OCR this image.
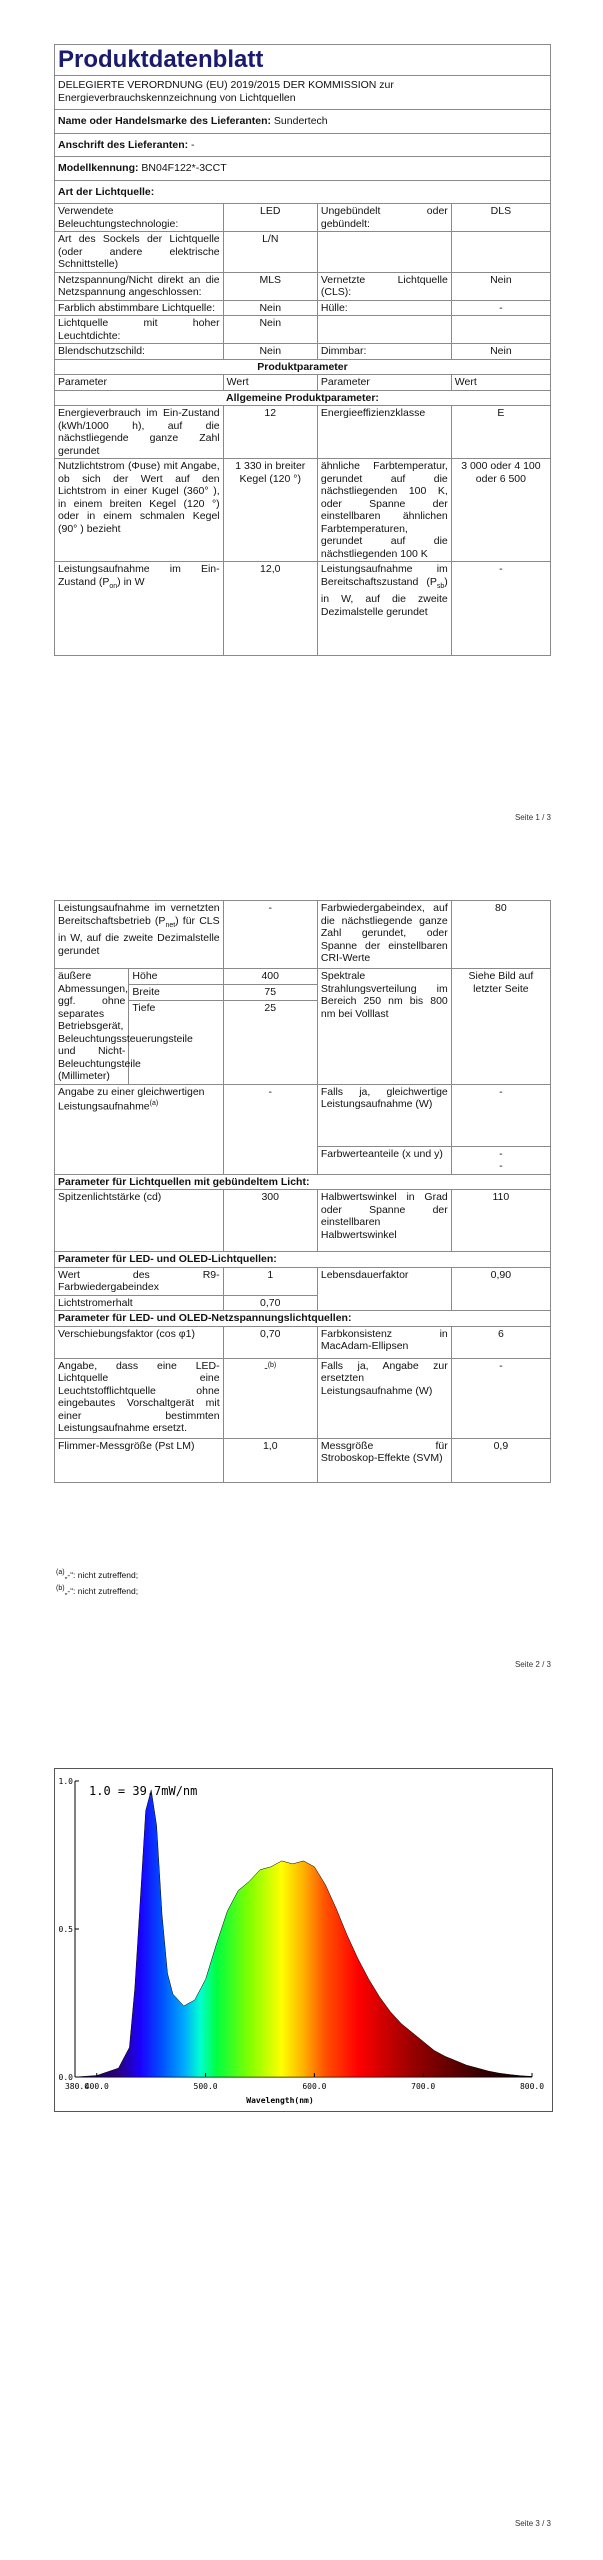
Produktdatenblatt			
DELEGIERTE VERORDNUNG (EU) 2019/2015 DER KOMMISSION zur Energieverbrauchskennzeichnung von Lichtquellen			
Name oder Handelsmarke des Lieferanten: Sundertech			
Anschrift des Lieferanten: -			
Modellkennung: BN04F122*-3CCT			
Art der Lichtquelle:			
Verwendete Beleuchtungstechnologie:	LED	Ungebündelt oder gebündelt:	DLS
Art des Sockels der Lichtquelle (oder andere elektrische Schnittstelle)	L/N		
Netzspannung/Nicht direkt an die Netzspannung angeschlossen:	MLS	Vernetzte Lichtquelle (CLS):	Nein
Farblich abstimmbare Lichtquelle:	Nein	Hülle:	-
Lichtquelle mit hoher Leuchtdichte:	Nein		
Blendschutzschild:	Nein	Dimmbar:	Nein
Produktparameter			
Parameter	Wert	Parameter	Wert
Allgemeine Produktparameter:			
Energieverbrauch im Ein-Zustand (kWh/1000 h), auf die nächstliegende ganze Zahl gerundet	12	Energieeffizienzklasse	E
Nutzlichtstrom (Φuse) mit Angabe, ob sich der Wert auf den Lichtstrom in einer Kugel (360° ), in einem breiten Kegel (120 °) oder in einem schmalen Kegel (90° ) bezieht	1 330 in breiter Kegel (120 °)	ähnliche Farbtemperatur, gerundet auf die nächstliegenden 100 K, oder Spanne der einstellbaren ähnlichen Farbtemperaturen, gerundet auf die nächstliegenden 100 K	3 000 oder 4 100 oder 6 500
Leistungsaufnahme im Ein-Zustand $(P_{on})$ in W	12,0	Leistungsaufnahme im Bereitschaftszustand $(P_{sb})$ in W, auf die zweite Dezimalstelle gerundet	-
Seite 1 / 3
Leistungsaufnahme im vernetzten Bereitschaftsbetrieb $(P_{net})$ für CLS in W, auf die zweite Dezimalstelle gerundet		-	Farbwiedergabeindex, auf die nächstliegende ganze Zahl gerundet, oder Spanne der einstellbaren CRI-Werte	80
äußere Abmessungen, ggf. ohne separates Betriebsgerät, Beleuchtungssteuerungsteile und Nicht-Beleuchtungsteile (Millimeter)	Höhe	400	Spektrale Strahlungsverteilung im Bereich 250 nm bis 800 nm bei Volllast	Siehe Bild auf letzter Seite
	Breite	75		
	Tiefe	25		
Angabe zu einer gleichwertigen Leistungsaufnahme$^{(a)}$		-	Falls ja, gleichwertige Leistungsaufnahme (W)	-
			Farbwerteanteile (x und y)	-
-

Parameter für Lichtquellen mit gebündeltem Licht:				
Spitzenlichtstärke (cd)		300	Halbwertswinkel in Grad oder Spanne der einstellbaren Halbwertswinkel	110
Parameter für LED- und OLED-Lichtquellen:				
Wert des R9-Farbwiedergabeindex		1	Lebensdauerfaktor	0,90
Lichtstromerhalt		0,70		
Parameter für LED- und OLED-Netzspannungslichtquellen:				
Verschiebungsfaktor (cos φ1)		0,70	Farbkonsistenz in MacAdam-Ellipsen	6
Angabe, dass eine LED-Lichtquelle eine Leuchtstofflichtquelle ohne eingebautes Vorschaltgerät mit einer bestimmten Leistungsaufnahme ersetzt.		-$^{(b)}$	Falls ja, Angabe zur ersetzten Leistungsaufnahme (W)	-
Flimmer-Messgröße (Pst LM)		1,0	Messgröße für Stroboskop-Effekte (SVM)	0,9
$^{(a)}$„-“: nicht zutreffend;
$^{(b)}$„-“: nicht zutreffend;
Seite 2 / 3
0.0
0.5
1.0
380.0
400.0	500.0	600.0	700.0	800.0
1.0 = 39.7mW/nm
Wavelength(nm)
Seite 3 / 3
